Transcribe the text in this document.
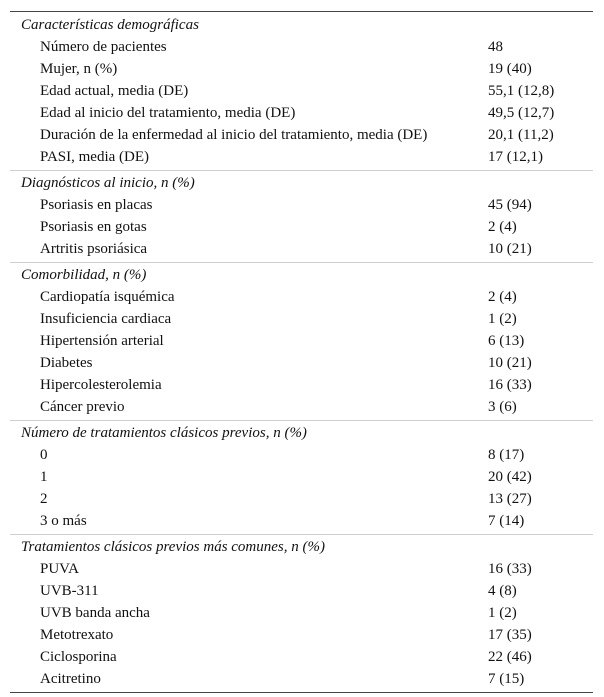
Características demográficas
Número de pacientes	48
Mujer, n (%)	19 (40)
Edad actual, media (DE)	55,1 (12,8)
Edad al inicio del tratamiento, media (DE)	49,5 (12,7)
Duración de la enfermedad al inicio del tratamiento, media (DE)	20,1 (11,2)
PASI, media (DE)	17 (12,1)
Diagnósticos al inicio, n (%)
Psoriasis en placas	45 (94)
Psoriasis en gotas	2 (4)
Artritis psoriásica	10 (21)
Comorbilidad, n (%)
Cardiopatía isquémica	2 (4)
Insuficiencia cardiaca	1 (2)
Hipertensión arterial	6 (13)
Diabetes	10 (21)
Hipercolesterolemia	16 (33)
Cáncer previo	3 (6)
Número de tratamientos clásicos previos, n (%)
0	8 (17)
1	20 (42)
2	13 (27)
3 o más	7 (14)
Tratamientos clásicos previos más comunes, n (%)
PUVA	16 (33)
UVB-311	4 (8)
UVB banda ancha	1 (2)
Metotrexato	17 (35)
Ciclosporina	22 (46)
Acitretino	7 (15)
